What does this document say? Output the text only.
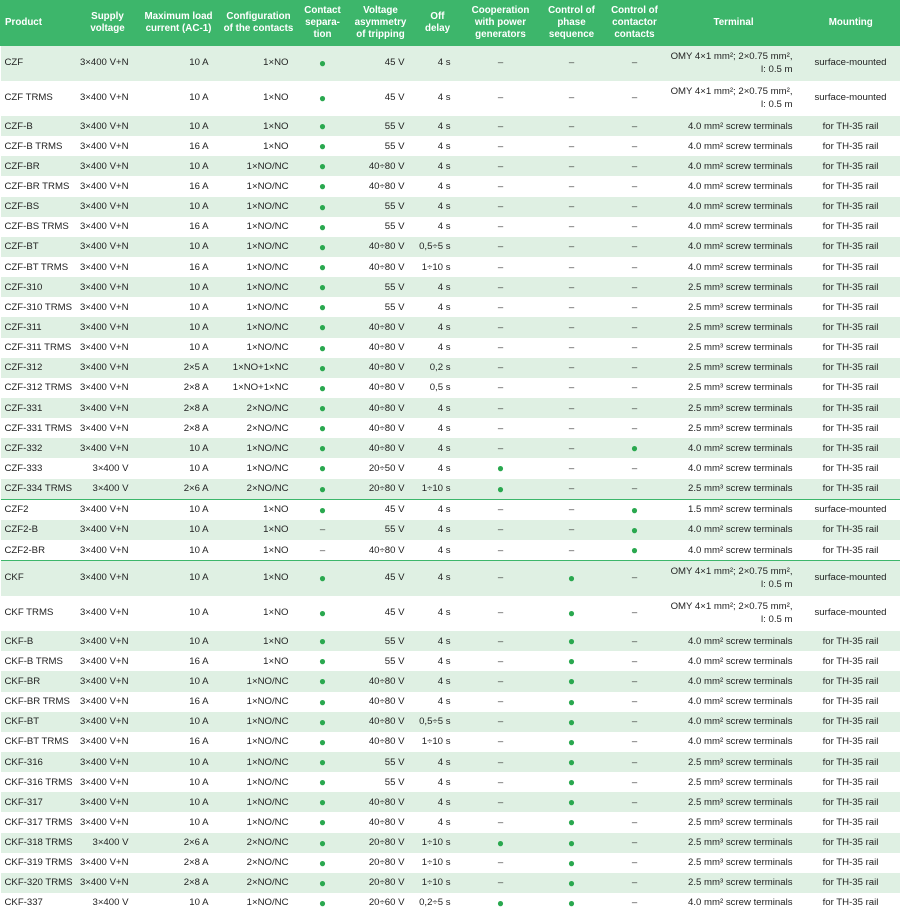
Product	Supply voltage	Maximum load current (AC-1)	Configuration of the contacts	Contact separa-tion	Voltage asymmetry of tripping	Off delay	Cooperation with power generators	Control of phase sequence	Control of contactor contacts	Terminal	Mounting
CZF	3×400 V+N	10 A	1×NO	●	45 V	4 s	–	–	–	OMY 4×1 mm²; 2×0.75 mm², l: 0.5 m	surface-mounted
CZF TRMS	3×400 V+N	10 A	1×NO	●	45 V	4 s	–	–	–	OMY 4×1 mm²; 2×0.75 mm², l: 0.5 m	surface-mounted
CZF-B	3×400 V+N	10 A	1×NO	●	55 V	4 s	–	–	–	4.0 mm² screw terminals	for TH-35 rail
CZF-B TRMS	3×400 V+N	16 A	1×NO	●	55 V	4 s	–	–	–	4.0 mm² screw terminals	for TH-35 rail
CZF-BR	3×400 V+N	10 A	1×NO/NC	●	40÷80 V	4 s	–	–	–	4.0 mm² screw terminals	for TH-35 rail
CZF-BR TRMS	3×400 V+N	16 A	1×NO/NC	●	40÷80 V	4 s	–	–	–	4.0 mm² screw terminals	for TH-35 rail
CZF-BS	3×400 V+N	10 A	1×NO/NC	●	55 V	4 s	–	–	–	4.0 mm² screw terminals	for TH-35 rail
CZF-BS TRMS	3×400 V+N	16 A	1×NO/NC	●	55 V	4 s	–	–	–	4.0 mm² screw terminals	for TH-35 rail
CZF-BT	3×400 V+N	10 A	1×NO/NC	●	40÷80 V	0,5÷5 s	–	–	–	4.0 mm² screw terminals	for TH-35 rail
CZF-BT TRMS	3×400 V+N	16 A	1×NO/NC	●	40÷80 V	1÷10 s	–	–	–	4.0 mm² screw terminals	for TH-35 rail
CZF-310	3×400 V+N	10 A	1×NO/NC	●	55 V	4 s	–	–	–	2.5 mm³ screw terminals	for TH-35 rail
CZF-310 TRMS	3×400 V+N	10 A	1×NO/NC	●	55 V	4 s	–	–	–	2.5 mm³ screw terminals	for TH-35 rail
CZF-311	3×400 V+N	10 A	1×NO/NC	●	40÷80 V	4 s	–	–	–	2.5 mm³ screw terminals	for TH-35 rail
CZF-311 TRMS	3×400 V+N	10 A	1×NO/NC	●	40÷80 V	4 s	–	–	–	2.5 mm³ screw terminals	for TH-35 rail
CZF-312	3×400 V+N	2×5 A	1×NO+1×NC	●	40÷80 V	0,2 s	–	–	–	2.5 mm³ screw terminals	for TH-35 rail
CZF-312 TRMS	3×400 V+N	2×8 A	1×NO+1×NC	●	40÷80 V	0,5 s	–	–	–	2.5 mm³ screw terminals	for TH-35 rail
CZF-331	3×400 V+N	2×8 A	2×NO/NC	●	40÷80 V	4 s	–	–	–	2.5 mm³ screw terminals	for TH-35 rail
CZF-331 TRMS	3×400 V+N	2×8 A	2×NO/NC	●	40÷80 V	4 s	–	–	–	2.5 mm³ screw terminals	for TH-35 rail
CZF-332	3×400 V+N	10 A	1×NO/NC	●	40÷80 V	4 s	–	–	●	4.0 mm² screw terminals	for TH-35 rail
CZF-333	3×400 V	10 A	1×NO/NC	●	20÷50 V	4 s	●	–	–	4.0 mm² screw terminals	for TH-35 rail
CZF-334 TRMS	3×400 V	2×6 A	2×NO/NC	●	20÷80 V	1÷10 s	●	–	–	2.5 mm³ screw terminals	for TH-35 rail
CZF2	3×400 V+N	10 A	1×NO	●	45 V	4 s	–	–	●	1.5 mm² screw terminals	surface-mounted
CZF2-B	3×400 V+N	10 A	1×NO	–	55 V	4 s	–	–	●	4.0 mm² screw terminals	for TH-35 rail
CZF2-BR	3×400 V+N	10 A	1×NO	–	40÷80 V	4 s	–	–	●	4.0 mm² screw terminals	for TH-35 rail
CKF	3×400 V+N	10 A	1×NO	●	45 V	4 s	–	●	–	OMY 4×1 mm²; 2×0.75 mm², l: 0.5 m	surface-mounted
CKF TRMS	3×400 V+N	10 A	1×NO	●	45 V	4 s	–	●	–	OMY 4×1 mm²; 2×0.75 mm², l: 0.5 m	surface-mounted
CKF-B	3×400 V+N	10 A	1×NO	●	55 V	4 s	–	●	–	4.0 mm² screw terminals	for TH-35 rail
CKF-B TRMS	3×400 V+N	16 A	1×NO	●	55 V	4 s	–	●	–	4.0 mm² screw terminals	for TH-35 rail
CKF-BR	3×400 V+N	10 A	1×NO/NC	●	40÷80 V	4 s	–	●	–	4.0 mm² screw terminals	for TH-35 rail
CKF-BR TRMS	3×400 V+N	16 A	1×NO/NC	●	40÷80 V	4 s	–	●	–	4.0 mm² screw terminals	for TH-35 rail
CKF-BT	3×400 V+N	10 A	1×NO/NC	●	40÷80 V	0,5÷5 s	–	●	–	4.0 mm² screw terminals	for TH-35 rail
CKF-BT TRMS	3×400 V+N	16 A	1×NO/NC	●	40÷80 V	1÷10 s	–	●	–	4.0 mm² screw terminals	for TH-35 rail
CKF-316	3×400 V+N	10 A	1×NO/NC	●	55 V	4 s	–	●	–	2.5 mm³ screw terminals	for TH-35 rail
CKF-316 TRMS	3×400 V+N	10 A	1×NO/NC	●	55 V	4 s	–	●	–	2.5 mm³ screw terminals	for TH-35 rail
CKF-317	3×400 V+N	10 A	1×NO/NC	●	40÷80 V	4 s	–	●	–	2.5 mm³ screw terminals	for TH-35 rail
CKF-317 TRMS	3×400 V+N	10 A	1×NO/NC	●	40÷80 V	4 s	–	●	–	2.5 mm³ screw terminals	for TH-35 rail
CKF-318 TRMS	3×400 V	2×6 A	2×NO/NC	●	20÷80 V	1÷10 s	●	●	–	2.5 mm³ screw terminals	for TH-35 rail
CKF-319 TRMS	3×400 V+N	2×8 A	2×NO/NC	●	20÷80 V	1÷10 s	–	●	–	2.5 mm³ screw terminals	for TH-35 rail
CKF-320 TRMS	3×400 V+N	2×8 A	2×NO/NC	●	20÷80 V	1÷10 s	–	●	–	2.5 mm³ screw terminals	for TH-35 rail
CKF-337	3×400 V	10 A	1×NO/NC	●	20÷60 V	0,2÷5 s	●	●	–	4.0 mm² screw terminals	for TH-35 rail
